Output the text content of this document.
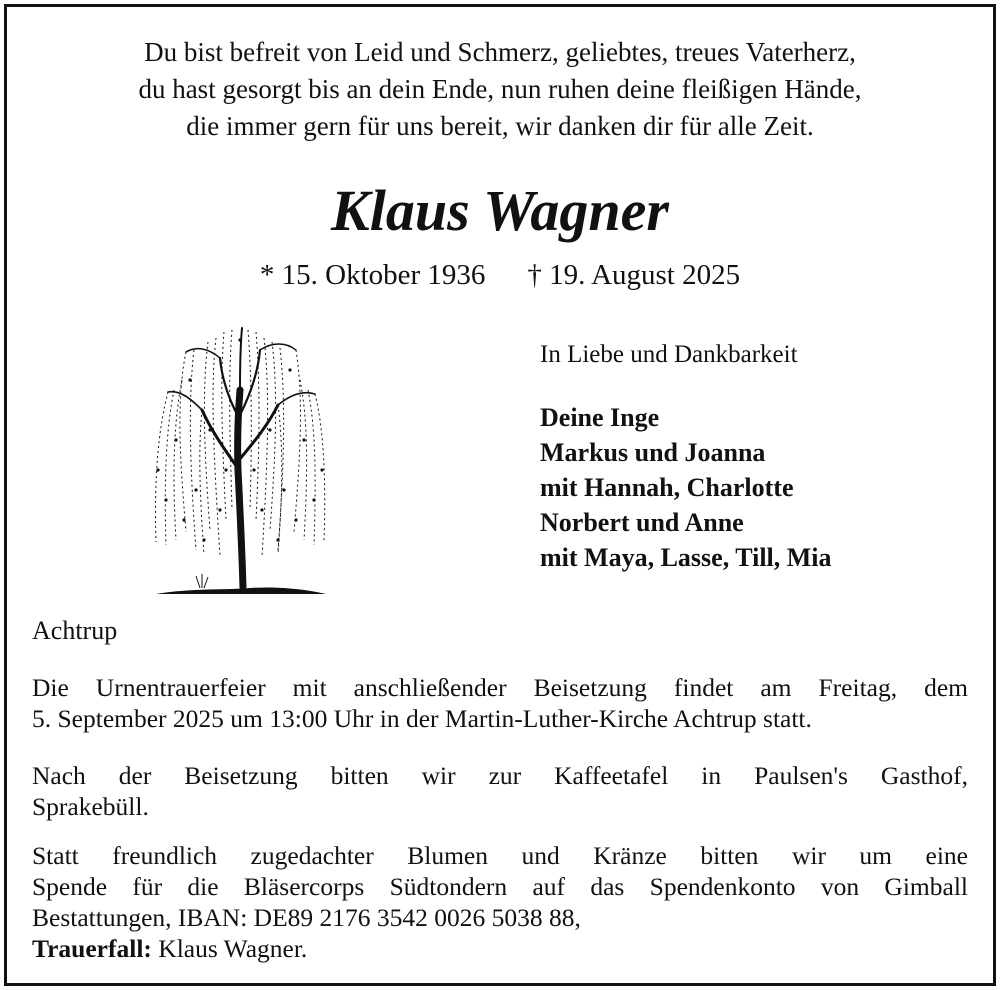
Du bist befreit von Leid und Schmerz, geliebtes, treues Vaterherz,
du hast gesorgt bis an dein Ende, nun ruhen deine fleißigen Hände,
die immer gern für uns bereit, wir danken dir für alle Zeit.
Klaus Wagner
* 15. Oktober 1936 † 19. August 2025
In Liebe und Dankbarkeit
Deine Inge
Markus und Joanna
mit Hannah, Charlotte
Norbert und Anne
mit Maya, Lasse, Till, Mia
Achtrup
Die Urnentrauerfeier mit anschließender Beisetzung findet am Freitag, dem
5. September 2025 um 13:00 Uhr in der Martin-Luther-Kirche Achtrup statt.
Nach der Beisetzung bitten wir zur Kaffeetafel in Paulsen's Gasthof,
Sprakebüll.
Statt freundlich zugedachter Blumen und Kränze bitten wir um eine
Spende für die Bläsercorps Südtondern auf das Spendenkonto von Gimball
Bestattungen, IBAN: DE89 2176 3542 0026 5038 88,
Trauerfall: Klaus Wagner.
